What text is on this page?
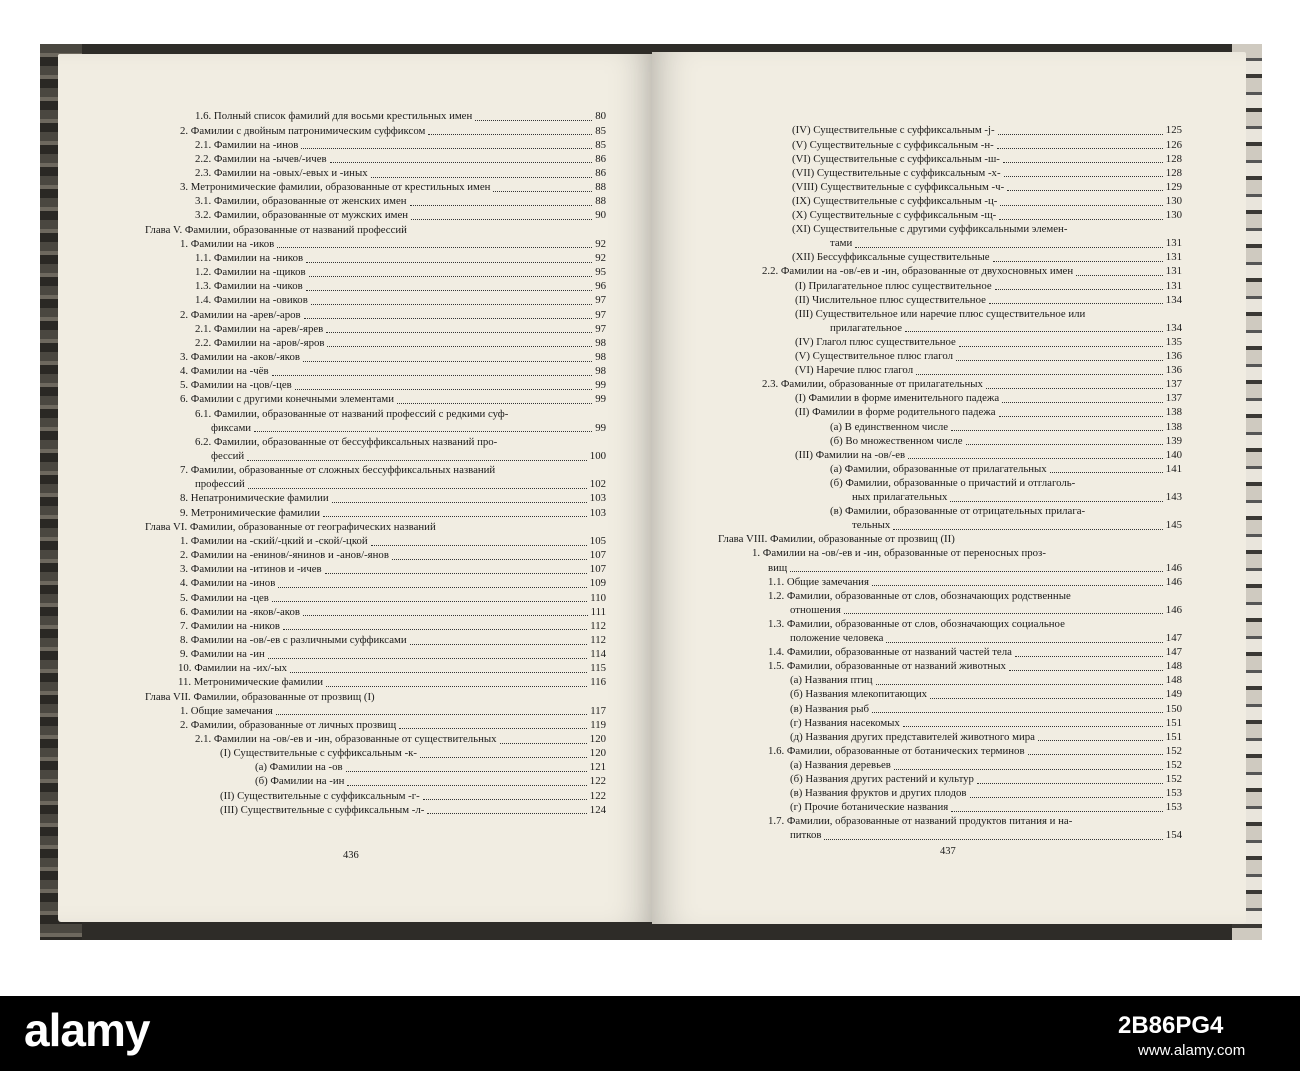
1.6. Полный список фамилий для восьми крестильных имен	80
2. Фамилии с двойным патронимическим суффиксом	85
2.1. Фамилии на -инов	85
2.2. Фамилии на -ычев/-ичев	86
2.3. Фамилии на -овых/-евых и -иных	86
3. Метронимические фамилии, образованные от крестильных имен	88
3.1. Фамилии, образованные от женских имен	88
3.2. Фамилии, образованные от мужских имен	90
Глава V. Фамилии, образованные от названий профессий
1. Фамилии на -иков	92
1.1. Фамилии на -ников	92
1.2. Фамилии на -щиков	95
1.3. Фамилии на -чиков	96
1.4. Фамилии на -овиков	97
2. Фамилии на -арев/-аров	97
2.1. Фамилии на -арев/-ярев	97
2.2. Фамилии на -аров/-яров	98
3. Фамилии на -аков/-яков	98
4. Фамилии на -чёв	98
5. Фамилии на -цов/-цев	99
6. Фамилии с другими конечными элементами	99
6.1. Фамилии, образованные от названий профессий с редкими суф-
фиксами	99
6.2. Фамилии, образованные от бессуффиксальных названий про-
фессий	100
7. Фамилии, образованные от сложных бессуффиксальных названий
профессий	102
8. Непатронимические фамилии	103
9. Метронимические фамилии	103
Глава VI. Фамилии, образованные от географических названий
1. Фамилии на -ский/-цкий и -ской/-цкой	105
2. Фамилии на -енинов/-янинов и -анов/-янов	107
3. Фамилии на -итинов и -ичев	107
4. Фамилии на -инов	109
5. Фамилии на -цев	110
6. Фамилии на -яков/-аков	111
7. Фамилии на -ников	112
8. Фамилии на -ов/-ев с различными суффиксами	112
9. Фамилии на -ин	114
10. Фамилии на -их/-ых	115
11. Метронимические фамилии	116
Глава VII. Фамилии, образованные от прозвищ (I)
1. Общие замечания	117
2. Фамилии, образованные от личных прозвищ	119
2.1. Фамилии на -ов/-ев и -ин, образованные от существительных	120
(I) Существительные с суффиксальным -к-	120
(а) Фамилии на -ов	121
(б) Фамилии на -ин	122
(II) Существительные с суффиксальным -г-	122
(III) Существительные с суффиксальным -л-	124
(IV) Существительные с суффиксальным -j-	125
(V) Существительные с суффиксальным -н-	126
(VI) Существительные с суффиксальным -ш-	128
(VII) Существительные с суффиксальным -х-	128
(VIII) Существительные с суффиксальным -ч-	129
(IX) Существительные с суффиксальным -ц-	130
(X) Существительные с суффиксальным -щ-	130
(XI) Существительные с другими суффиксальными элемен-
тами	131
(XII) Бессуффиксальные существительные	131
2.2. Фамилии на -ов/-ев и -ин, образованные от двухосновных имен	131
(I) Прилагательное плюс существительное	131
(II) Числительное плюс существительное	134
(III) Существительное или наречие плюс существительное или
прилагательное	134
(IV) Глагол плюс существительное	135
(V) Существительное плюс глагол	136
(VI) Наречие плюс глагол	136
2.3. Фамилии, образованные от прилагательных	137
(I) Фамилии в форме именительного падежа	137
(II) Фамилии в форме родительного падежа	138
(а) В единственном числе	138
(б) Во множественном числе	139
(III) Фамилии на -ов/-ев	140
(а) Фамилии, образованные от прилагательных	141
(б) Фамилии, образованные о причастий и отглаголь-
ных прилагательных	143
(в) Фамилии, образованные от отрицательных прилага-
тельных	145
Глава VIII. Фамилии, образованные от прозвищ (II)
1. Фамилии на -ов/-ев и -ин, образованные от переносных проз-
вищ	146
1.1. Общие замечания	146
1.2. Фамилии, образованные от слов, обозначающих родственные
отношения	146
1.3. Фамилии, образованные от слов, обозначающих социальное
положение человека	147
1.4. Фамилии, образованные от названий частей тела	147
1.5. Фамилии, образованные от названий животных	148
(а) Названия птиц	148
(б) Названия млекопитающих	149
(в) Названия рыб	150
(г) Названия насекомых	151
(д) Названия других представителей животного мира	151
1.6. Фамилии, образованные от ботанических терминов	152
(а) Названия деревьев	152
(б) Названия других растений и культур	152
(в) Названия фруктов и других плодов	153
(г) Прочие ботанические названия	153
1.7. Фамилии, образованные от названий продуктов питания и на-
питков	154
436	437
alamy	2B86PG4
www.alamy.com
